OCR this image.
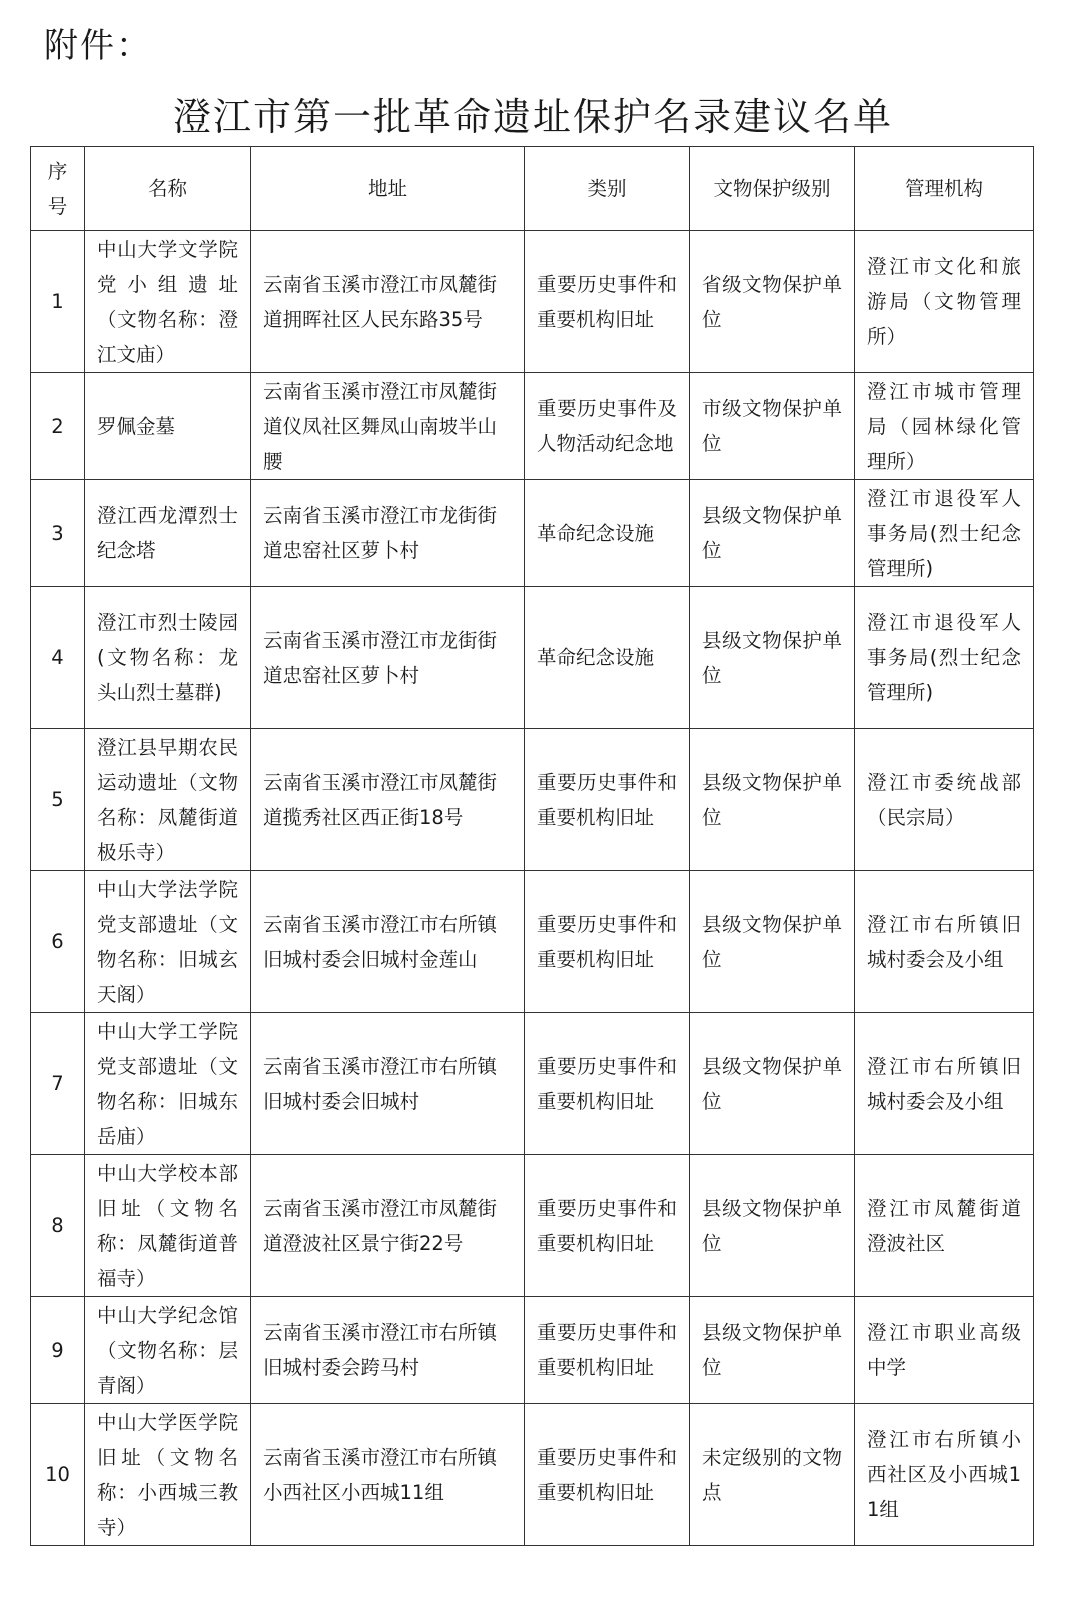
附件：
澄江市第一批革命遗址保护名录建议名单
序号	名称	地址	类别	文物保护级别	管理机构
1	中山大学文学院党小组遗址 （文物名称：澄江文庙）	云南省玉溪市澄江市凤麓街道拥晖社区人民东路35号	重要历史事件和重要机构旧址	省级文物保护单位	澄江市文化和旅游局（文物管理所）
2	罗佩金墓	云南省玉溪市澄江市凤麓街道仪凤社区舞凤山南坡半山腰	重要历史事件及人物活动纪念地	市级文物保护单位	澄江市城市管理局（园林绿化管理所）
3	澄江西龙潭烈士纪念塔	云南省玉溪市澄江市龙街街道忠窑社区萝卜村	革命纪念设施	县级文物保护单位	澄江市退役军人事务局(烈士纪念管理所)
4	澄江市烈士陵园(文物名称：龙头山烈士墓群)	云南省玉溪市澄江市龙街街道忠窑社区萝卜村	革命纪念设施	县级文物保护单位	澄江市退役军人事务局(烈士纪念管理所)
5	澄江县早期农民运动遗址（文物名称：凤麓街道极乐寺）	云南省玉溪市澄江市凤麓街道揽秀社区西正街18号	重要历史事件和重要机构旧址	县级文物保护单位	澄江市委统战部（民宗局）
6	中山大学法学院党支部遗址（文物名称：旧城玄天阁）	云南省玉溪市澄江市右所镇旧城村委会旧城村金莲山	重要历史事件和重要机构旧址	县级文物保护单位	澄江市右所镇旧城村委会及小组
7	中山大学工学院党支部遗址（文物名称：旧城东岳庙）	云南省玉溪市澄江市右所镇旧城村委会旧城村	重要历史事件和重要机构旧址	县级文物保护单位	澄江市右所镇旧城村委会及小组
8	中山大学校本部旧址（文物名称：凤麓街道普福寺）	云南省玉溪市澄江市凤麓街道澄波社区景宁街22号	重要历史事件和重要机构旧址	县级文物保护单位	澄江市凤麓街道澄波社区
9	中山大学纪念馆（文物名称：层青阁）	云南省玉溪市澄江市右所镇旧城村委会跨马村	重要历史事件和重要机构旧址	县级文物保护单位	澄江市职业高级中学
10	中山大学医学院旧址（文物名称：小西城三教寺）	云南省玉溪市澄江市右所镇小西社区小西城11组	重要历史事件和重要机构旧址	未定级别的文物点	澄江市右所镇小西社区及小西城11组
